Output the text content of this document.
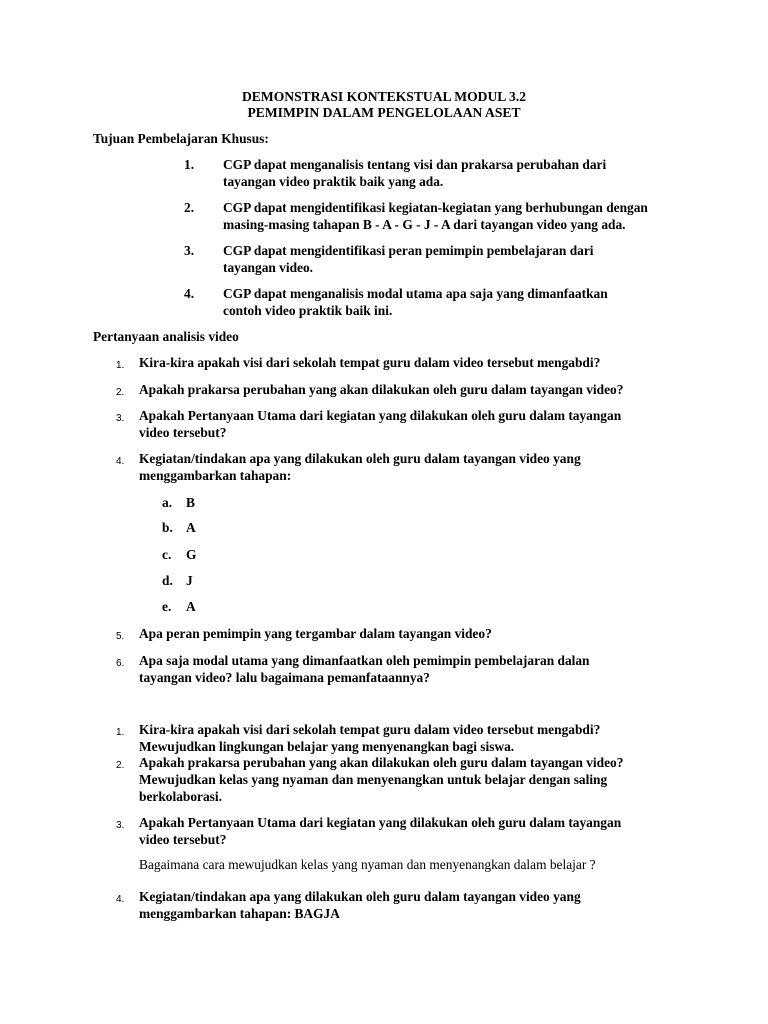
DEMONSTRASI KONTEKSTUAL MODUL 3.2
PEMIMPIN DALAM PENGELOLAAN ASET
Tujuan Pembelajaran Khusus:
1. CGP dapat menganalisis tentang visi dan prakarsa perubahan dari
tayangan video praktik baik yang ada.
2. CGP dapat mengidentifikasi kegiatan-kegiatan yang berhubungan dengan
masing-masing tahapan B - A - G - J - A dari tayangan video yang ada.
3. CGP dapat mengidentifikasi peran pemimpin pembelajaran dari
tayangan video.
4. CGP dapat menganalisis modal utama apa saja yang dimanfaatkan
contoh video praktik baik ini.
Pertanyaan analisis video
1. Kira-kira apakah visi dari sekolah tempat guru dalam video tersebut mengabdi?
2. Apakah prakarsa perubahan yang akan dilakukan oleh guru dalam tayangan video?
3. Apakah Pertanyaan Utama dari kegiatan yang dilakukan oleh guru dalam tayangan
video tersebut?
4. Kegiatan/tindakan apa yang dilakukan oleh guru dalam tayangan video yang
menggambarkan tahapan:
a. B
b. A
c. G
d. J
e. A
5. Apa peran pemimpin yang tergambar dalam tayangan video?
6. Apa saja modal utama yang dimanfaatkan oleh pemimpin pembelajaran dalan
tayangan video? lalu bagaimana pemanfataannya?
1. Kira-kira apakah visi dari sekolah tempat guru dalam video tersebut mengabdi?
Mewujudkan lingkungan belajar yang menyenangkan bagi siswa.
2. Apakah prakarsa perubahan yang akan dilakukan oleh guru dalam tayangan video?
Mewujudkan kelas yang nyaman dan menyenangkan untuk belajar dengan saling
berkolaborasi.
3. Apakah Pertanyaan Utama dari kegiatan yang dilakukan oleh guru dalam tayangan
video tersebut?
Bagaimana cara mewujudkan kelas yang nyaman dan menyenangkan dalam belajar ?
4. Kegiatan/tindakan apa yang dilakukan oleh guru dalam tayangan video yang
menggambarkan tahapan: BAGJA
